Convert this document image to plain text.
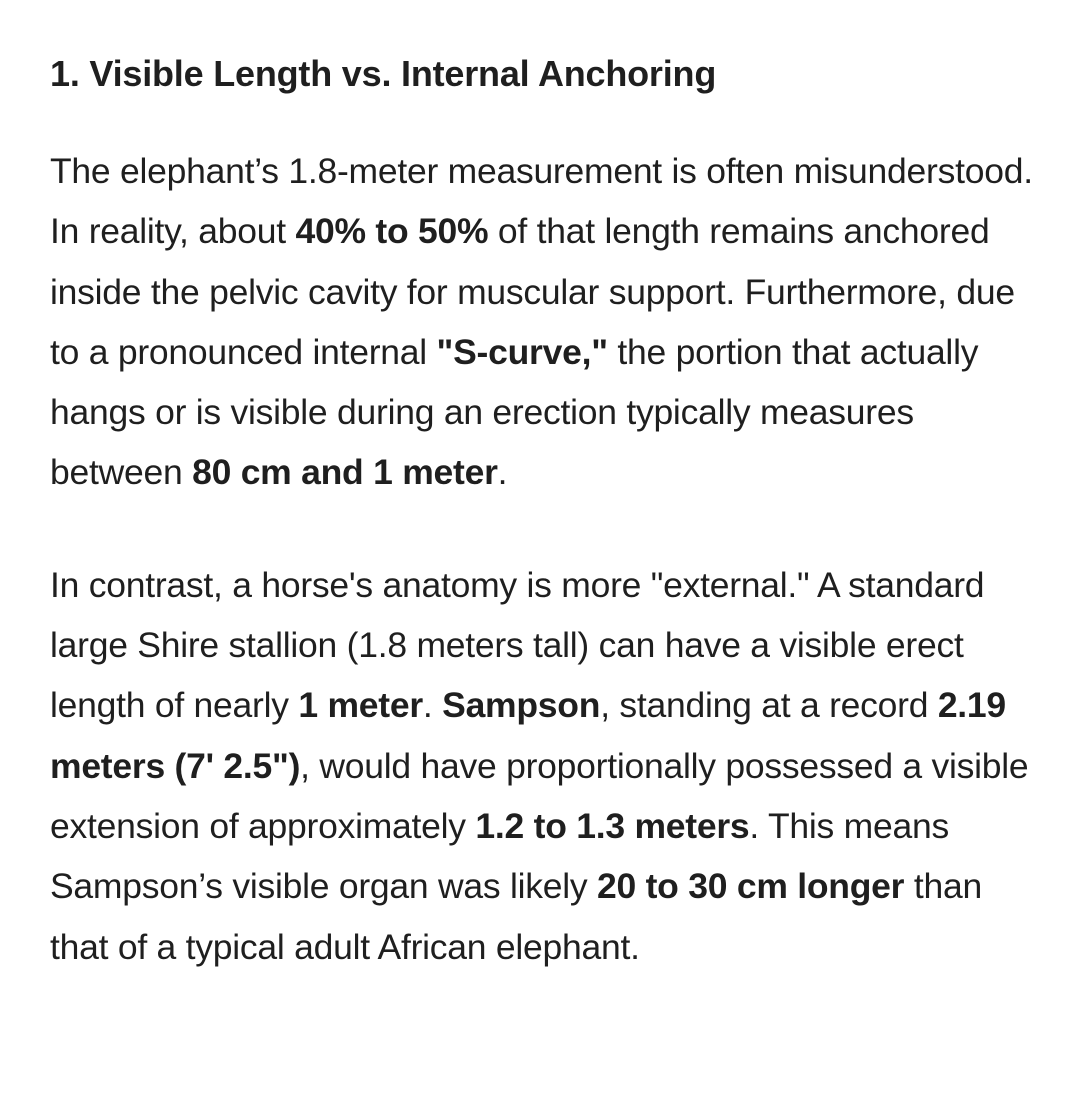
1. Visible Length vs. Internal Anchoring

The elephant’s 1.8-meter measurement is often misunderstood. In reality, about 40% to 50% of that length remains anchored inside the pelvic cavity for muscular support. Furthermore, due to a pronounced internal "S-curve," the portion that actually hangs or is visible during an erection typically measures between 80 cm and 1 meter.

In contrast, a horse's anatomy is more "external." A standard large Shire stallion (1.8 meters tall) can have a visible erect length of nearly 1 meter. Sampson, standing at a record 2.19 meters (7' 2.5"), would have proportionally possessed a visible extension of approximately 1.2 to 1.3 meters. This means Sampson’s visible organ was likely 20 to 30 cm longer than that of a typical adult African elephant.
